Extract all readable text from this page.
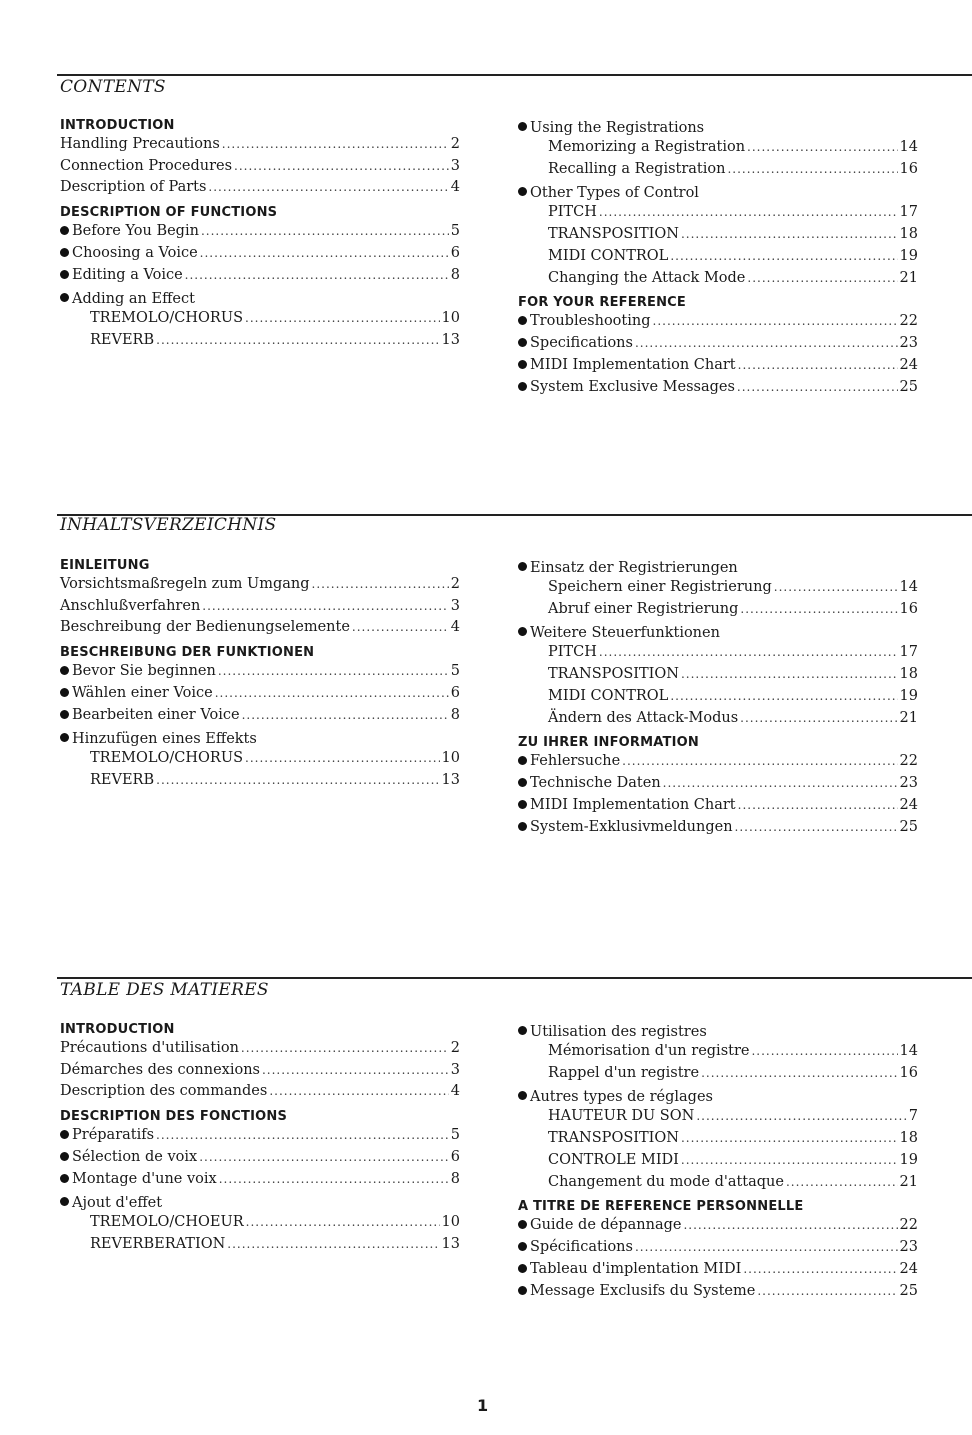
CONTENTS
INTRODUCTION
Handling Precautions .....	2
Connection Procedures .....	3
Description of Parts .....	4
DESCRIPTION OF FUNCTIONS
Before You Begin .....	5
Choosing a Voice .....	6
Editing a Voice .....	8
Adding an Effect
TREMOLO/CHORUS .....	10
REVERB .....	13
Using the Registrations
Memorizing a Registration .....	14
Recalling a Registration .....	16
Other Types of Control
PITCH .....	17
TRANSPOSITION .....	18
MIDI CONTROL .....	19
Changing the Attack Mode .....	21
FOR YOUR REFERENCE
Troubleshooting .....	22
Specifications .....	23
MIDI Implementation Chart .....	24
System Exclusive Messages .....	25
INHALTSVERZEICHNIS
EINLEITUNG
Vorsichtsmaßregeln zum Umgang .....	2
Anschlußverfahren .....	3
Beschreibung der Bedienungselemente .....	4
BESCHREIBUNG DER FUNKTIONEN
Bevor Sie beginnen .....	5
Wählen einer Voice .....	6
Bearbeiten einer Voice .....	8
Hinzufügen eines Effekts
TREMOLO/CHORUS .....	10
REVERB .....	13
Einsatz der Registrierungen
Speichern einer Registrierung .....	14
Abruf einer Registrierung .....	16
Weitere Steuerfunktionen
PITCH .....	17
TRANSPOSITION .....	18
MIDI CONTROL .....	19
Ändern des Attack-Modus .....	21
ZU IHRER INFORMATION
Fehlersuche .....	22
Technische Daten .....	23
MIDI Implementation Chart .....	24
System-Exklusivmeldungen .....	25
TABLE DES MATIERES
INTRODUCTION
Précautions d'utilisation .....	2
Démarches des connexions .....	3
Description des commandes .....	4
DESCRIPTION DES FONCTIONS
Préparatifs .....	5
Sélection de voix .....	6
Montage d'une voix .....	8
Ajout d'effet
TREMOLO/CHOEUR .....	10
REVERBERATION .....	13
Utilisation des registres
Mémorisation d'un registre .....	14
Rappel d'un registre .....	16
Autres types de réglages
HAUTEUR DU SON .....	7
TRANSPOSITION .....	18
CONTROLE MIDI .....	19
Changement du mode d'attaque .....	21
A TITRE DE REFERENCE PERSONNELLE
Guide de dépannage .....	22
Spécifications .....	23
Tableau d'implentation MIDI .....	24
Message Exclusifs du Systeme .....	25
1
